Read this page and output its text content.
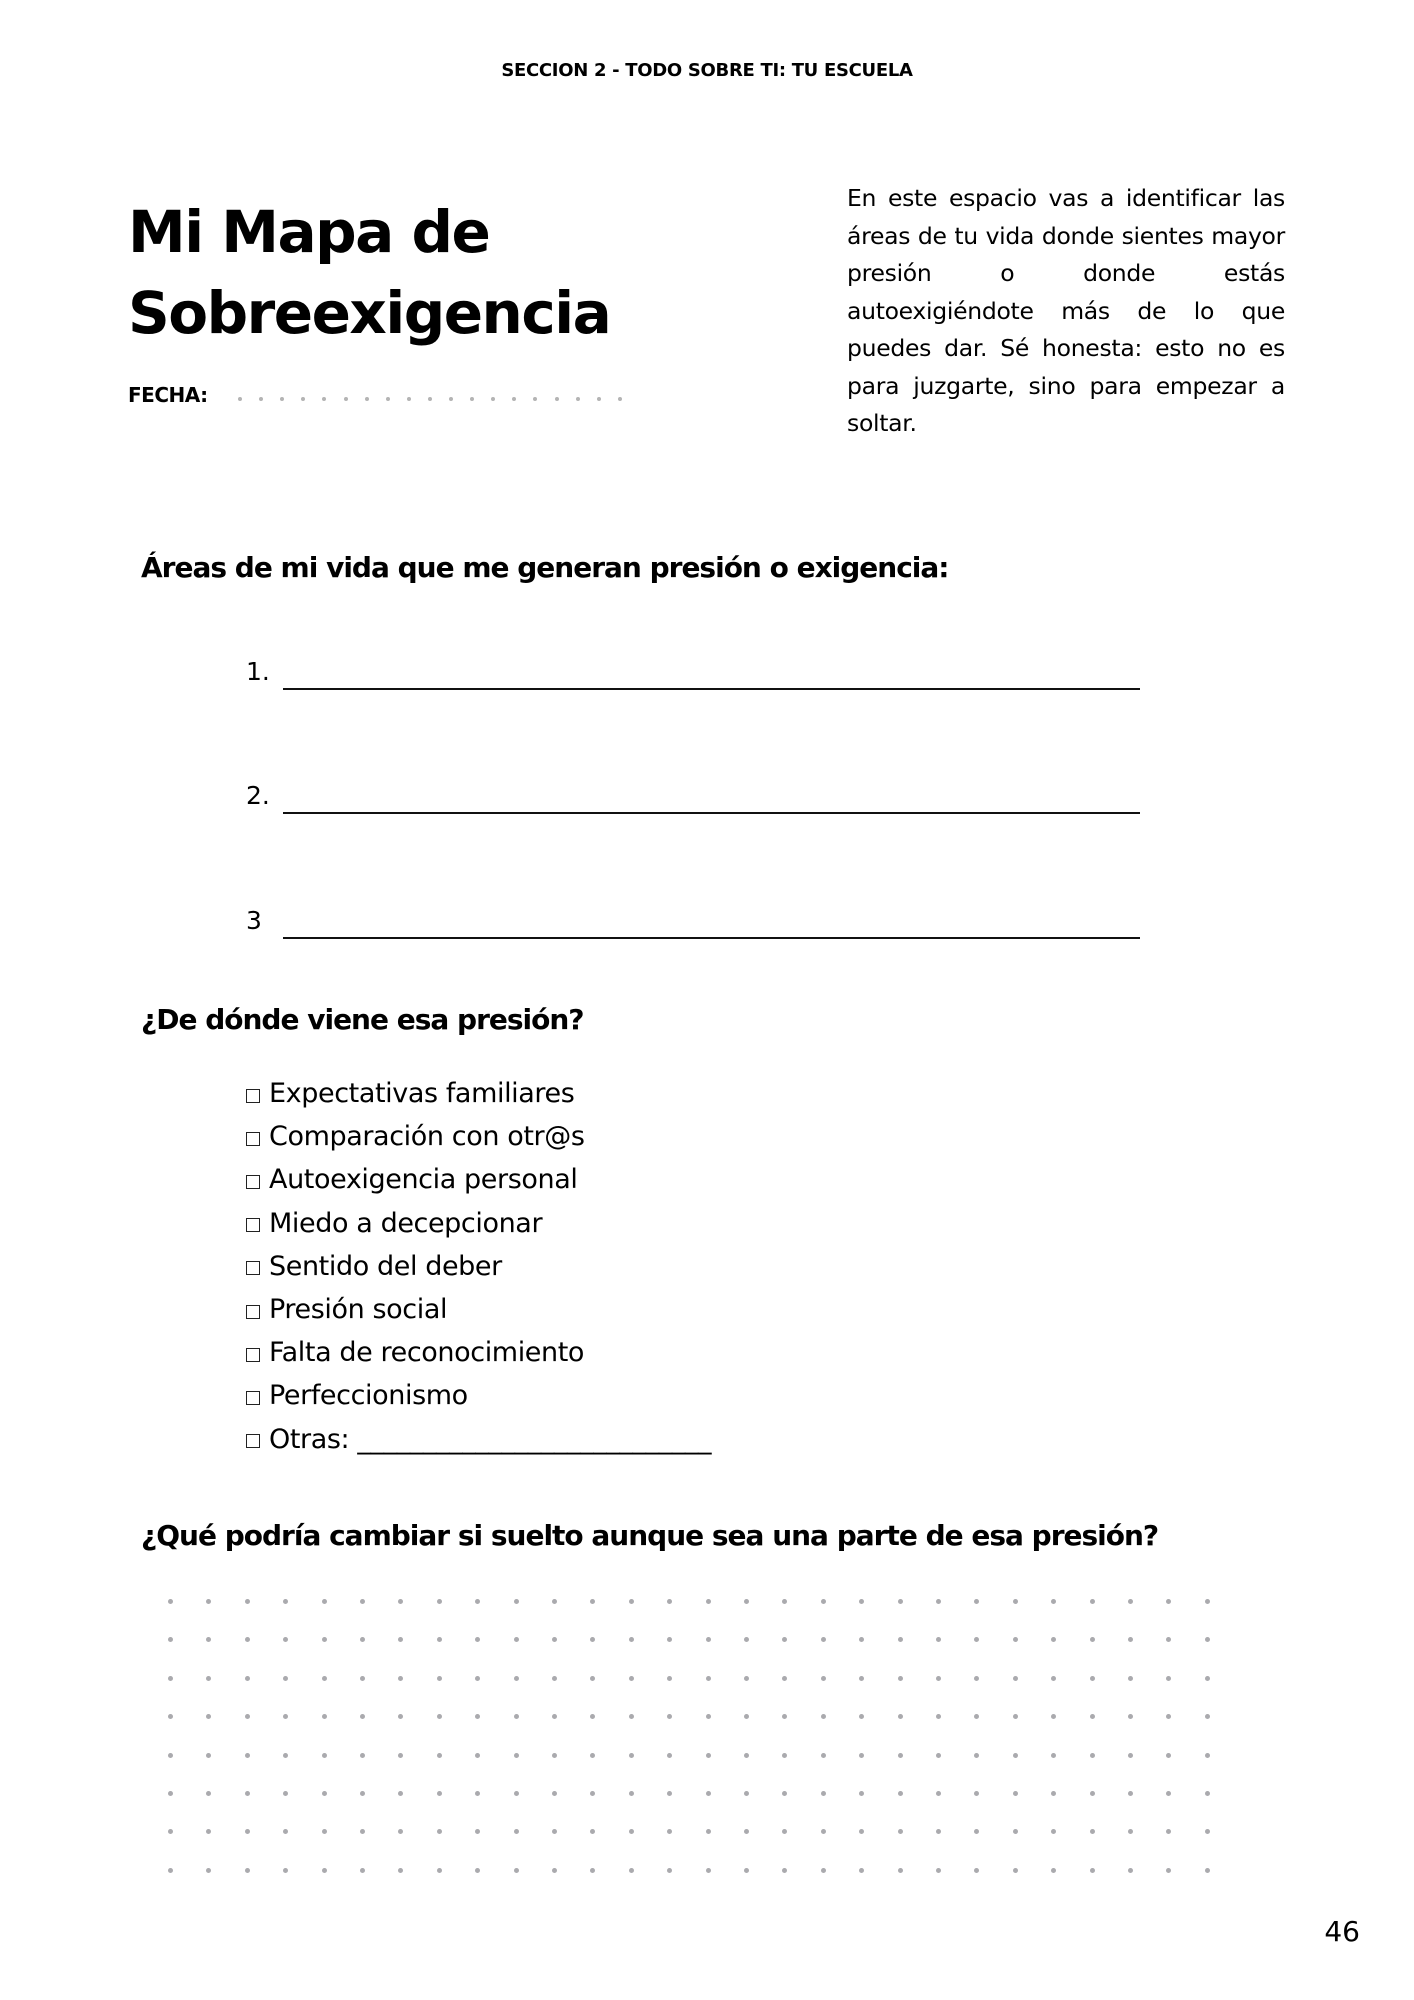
SECCION 2 - TODO SOBRE TI: TU ESCUELA
Mi Mapa de
Sobreexigencia
FECHA:
En este espacio vas a identificar las áreas de tu vida donde sientes mayor presión o donde estás autoexigiéndote más de lo que puedes dar. Sé honesta: esto no es para juzgarte, sino para empezar a soltar.
Áreas de mi vida que me generan presión o exigencia:
1.
2.
3
¿De dónde viene esa presión?
Expectativas familiares
Comparación con otr@s
Autoexigencia personal
Miedo a decepcionar
Sentido del deber
Presión social
Falta de reconocimiento
Perfeccionismo
Otras: ___________________________
¿Qué podría cambiar si suelto aunque sea una parte de esa presión?
46
